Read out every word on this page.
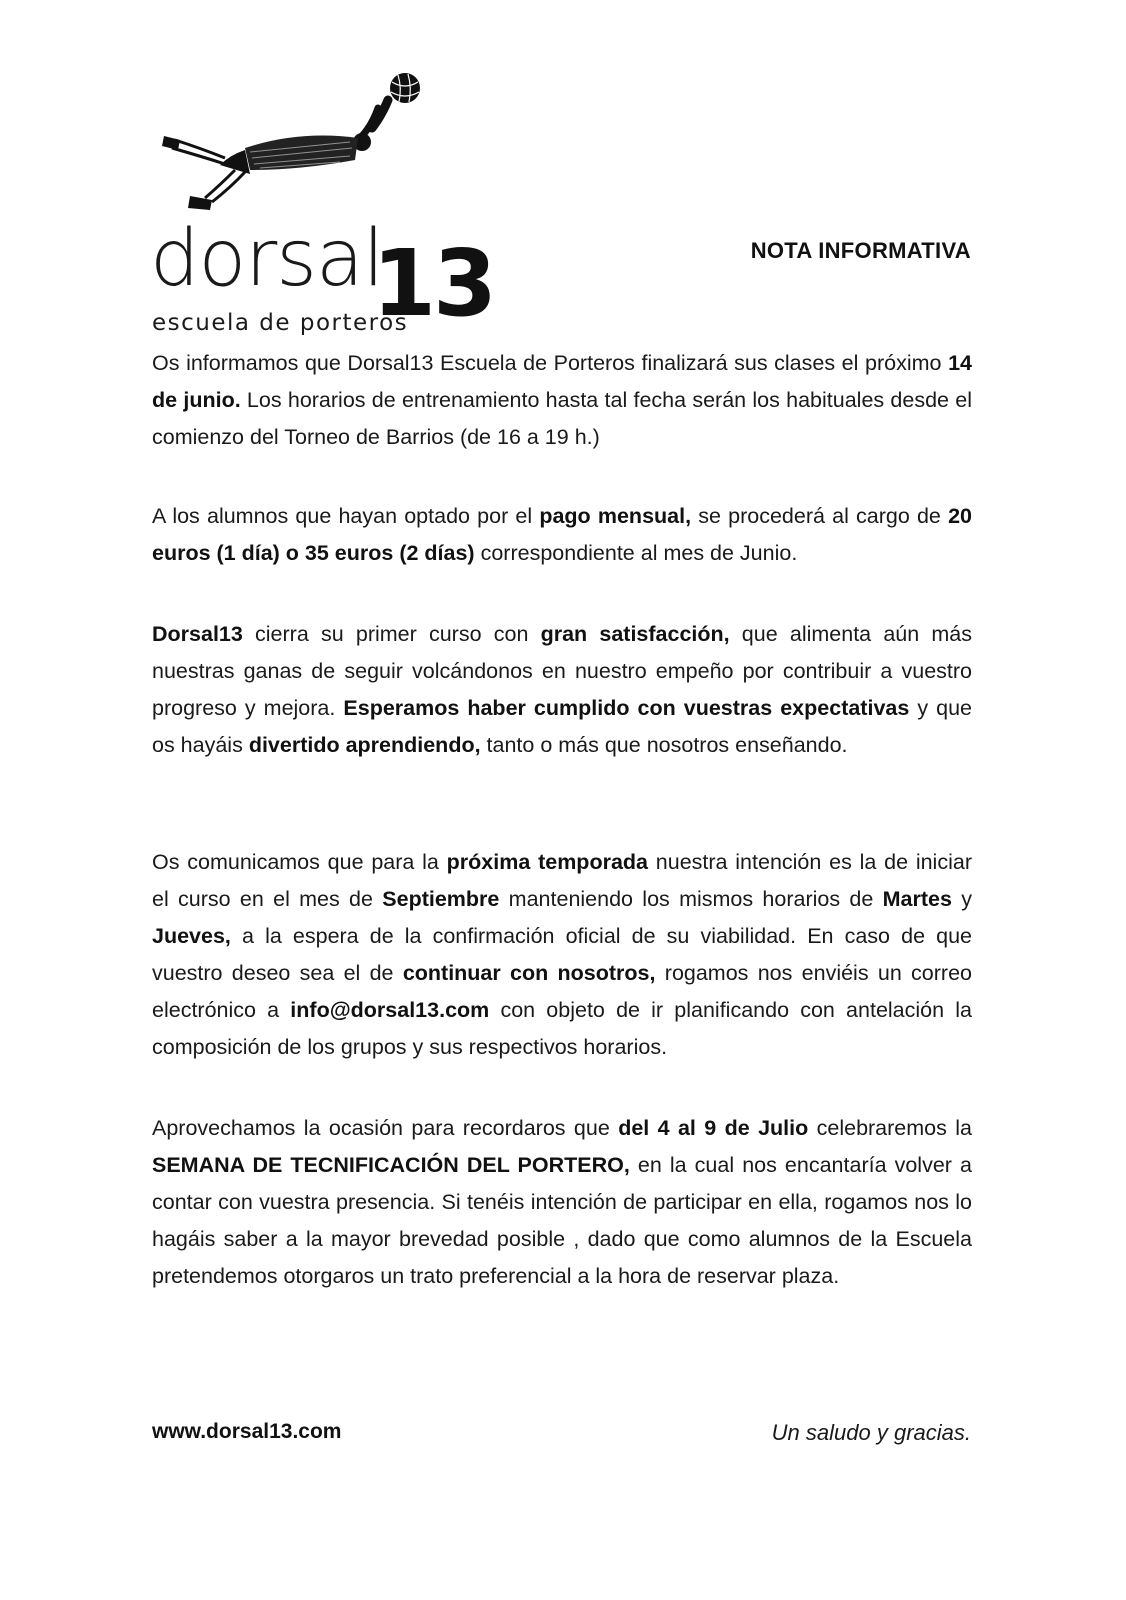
dorsal
13
escuela de porteros
NOTA INFORMATIVA

Os informamos que Dorsal13 Escuela de Porteros finalizará sus clases el próximo 14 de junio. Los horarios de entrenamiento hasta tal fecha serán los habituales desde el comienzo del Torneo de Barrios (de 16 a 19 h.)

A los alumnos que hayan optado por el pago mensual, se procederá al cargo de 20 euros (1 día) o 35 euros (2 días) correspondiente al mes de Junio.

Dorsal13 cierra su primer curso con gran satisfacción, que alimenta aún más nuestras ganas de seguir volcándonos en nuestro empeño por contribuir a vuestro progreso y mejora. Esperamos haber cumplido con vuestras expectativas y que os hayáis divertido aprendiendo, tanto o más que nosotros enseñando.

Os comunicamos que para la próxima temporada nuestra intención es la de iniciar el curso en el mes de Septiembre manteniendo los mismos horarios de Martes y Jueves, a la espera de la confirmación oficial de su viabilidad. En caso de que vuestro deseo sea el de continuar con nosotros, rogamos nos enviéis un correo electrónico a info@dorsal13.com con objeto de ir planificando con antelación la composición de los grupos y sus respectivos horarios.

Aprovechamos la ocasión para recordaros que del 4 al 9 de Julio celebraremos la SEMANA DE TECNIFICACIÓN DEL PORTERO, en la cual nos encantaría volver a contar con vuestra presencia. Si tenéis intención de participar en ella, rogamos nos lo hagáis saber a la mayor brevedad posible , dado que como alumnos de la Escuela pretendemos otorgaros un trato preferencial a la hora de reservar plaza.

www.dorsal13.com	Un saludo y gracias.
